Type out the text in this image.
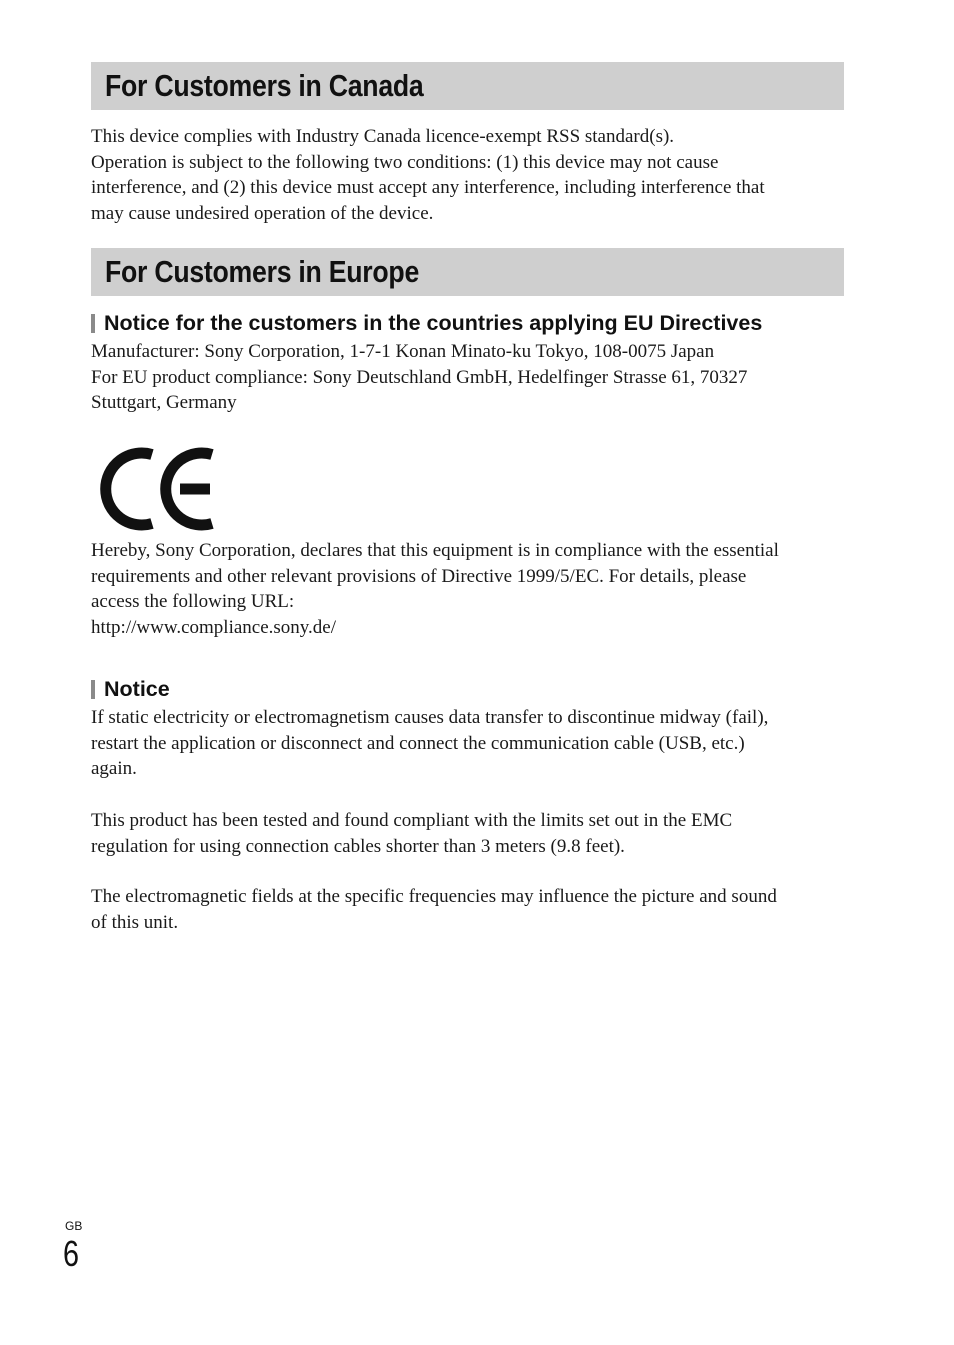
For Customers in Canada

This device complies with Industry Canada licence-exempt RSS standard(s).
Operation is subject to the following two conditions: (1) this device may not cause
interference, and (2) this device must accept any interference, including interference that
may cause undesired operation of the device.

For Customers in Europe
Notice for the customers in the countries applying EU Directives

Manufacturer: Sony Corporation, 1-7-1 Konan Minato-ku Tokyo, 108-0075 Japan
For EU product compliance: Sony Deutschland GmbH, Hedelfinger Strasse 61, 70327
Stuttgart, Germany

Hereby, Sony Corporation, declares that this equipment is in compliance with the essential
requirements and other relevant provisions of Directive 1999/5/EC. For details, please
access the following URL:
http://www.compliance.sony.de/

Notice

If static electricity or electromagnetism causes data transfer to discontinue midway (fail),
restart the application or disconnect and connect the communication cable (USB, etc.)
again.

This product has been tested and found compliant with the limits set out in the EMC
regulation for using connection cables shorter than 3 meters (9.8 feet).

The electromagnetic fields at the specific frequencies may influence the picture and sound
of this unit.

GB
6
